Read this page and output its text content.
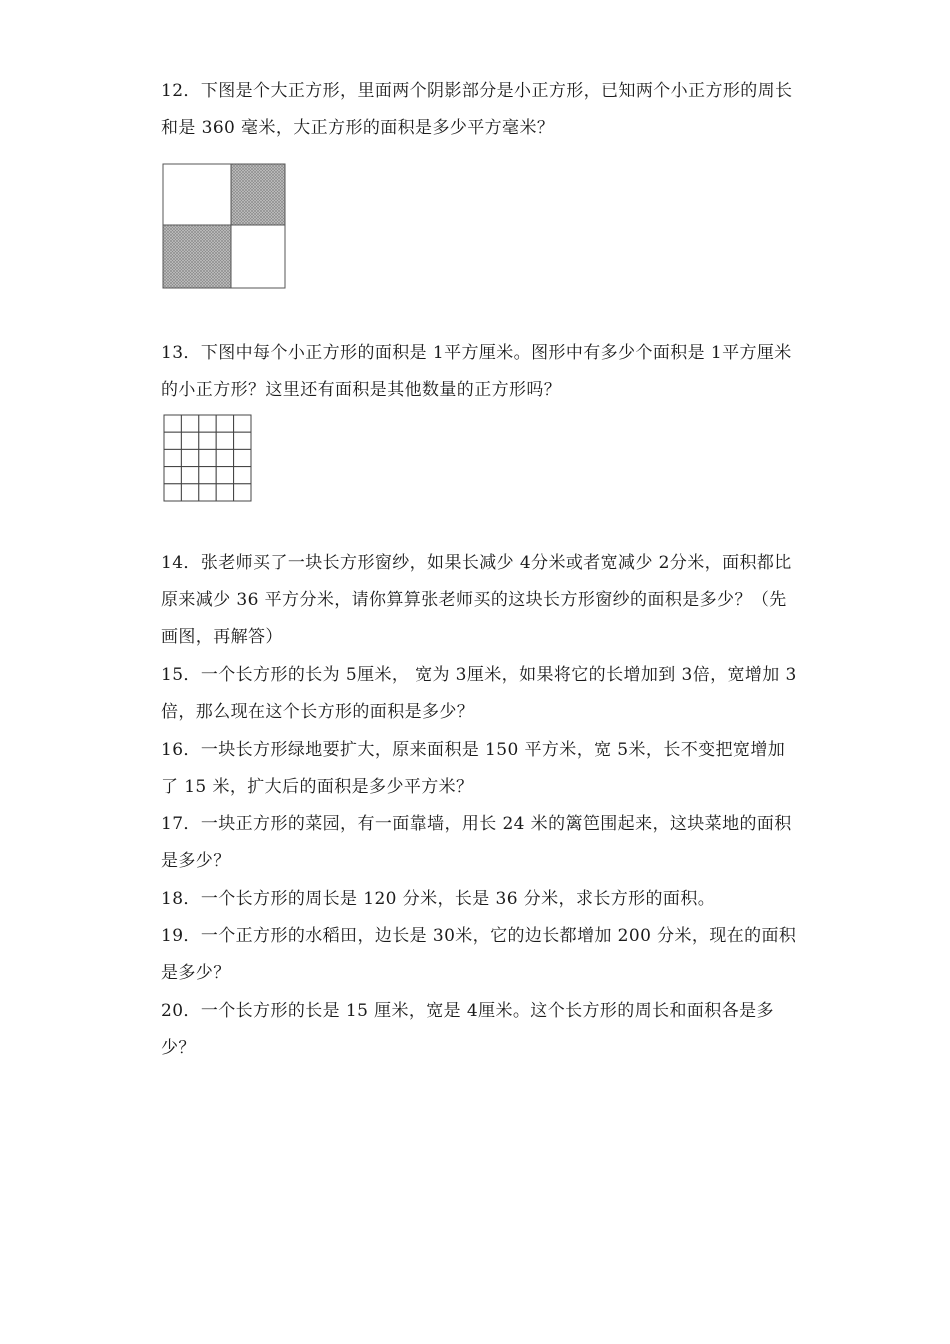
12．下图是个大正方形，里面两个阴影部分是小正方形，已知两个小正方形的周长和是 360 毫米，大正方形的面积是多少平方毫米？

13．下图中每个小正方形的面积是 1平方厘米。图形中有多少个面积是 1平方厘米的小正方形？这里还有面积是其他数量的正方形吗？

14．张老师买了一块长方形窗纱，如果长减少 4分米或者宽减少 2分米，面积都比原来减少 36 平方分米，请你算算张老师买的这块长方形窗纱的面积是多少？（先画图，再解答）

15．一个长方形的长为 5厘米， 宽为 3厘米，如果将它的长增加到 3倍，宽增加 3倍，那么现在这个长方形的面积是多少？

16．一块长方形绿地要扩大，原来面积是 150 平方米，宽 5米，长不变把宽增加了 15 米，扩大后的面积是多少平方米？

17．一块正方形的菜园，有一面靠墙，用长 24 米的篱笆围起来，这块菜地的面积是多少？

18．一个长方形的周长是 120 分米，长是 36 分米，求长方形的面积。

19．一个正方形的水稻田，边长是 30米，它的边长都增加 200 分米，现在的面积是多少？

20．一个长方形的长是 15 厘米，宽是 4厘米。这个长方形的周长和面积各是多少？
